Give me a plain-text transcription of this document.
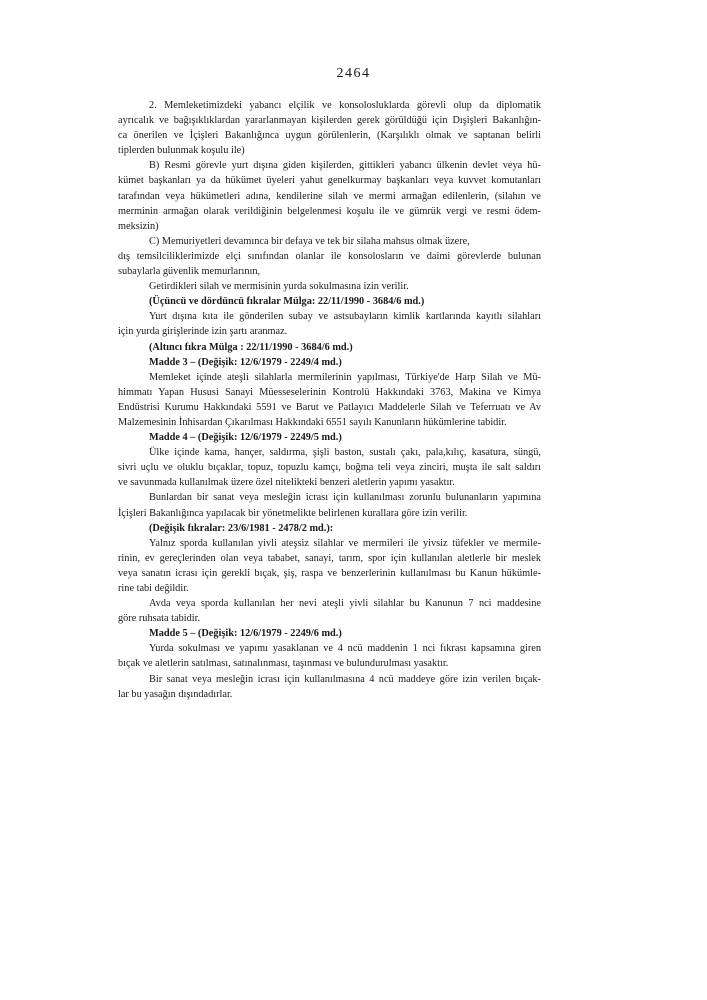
2464
2. Memleketimizdeki yabancı elçilik ve konsolosluklarda görevli olup da diplomatik
ayrıcalık ve bağışıklıklardan yararlanmayan kişilerden gerek görüldüğü için Dışişleri Bakanlığın-
ca önerilen ve İçişleri Bakanlığınca uygun görülenlerin, (Karşılıklı olmak ve saptanan belirli
tiplerden bulunmak koşulu ile)
B) Resmi görevle yurt dışına giden kişilerden, gittikleri yabancı ülkenin devlet veya hü-
kümet başkanları ya da hükümet üyeleri yahut genelkurmay başkanları veya kuvvet komutanları
tarafından veya hükümetleri adına, kendilerine silah ve mermi armağan edilenlerin, (silahın ve
merminin armağan olarak verildiğinin belgelenmesi koşulu ile ve gümrük vergi ve resmi ödem-
meksizin)
C) Memuriyetleri devamınca bir defaya ve tek bir silaha mahsus olmak üzere,
dış temsilciliklerimizde elçi sınıfından olanlar ile konsolosların ve daimi görevlerde bulunan
subaylarla güvenlik memurlarının,
Getirdikleri silah ve mermisinin yurda sokulmasına izin verilir.
(Üçüncü ve dördüncü fıkralar Mülga: 22/11/1990 - 3684/6 md.)
Yurt dışına kıta ile gönderilen subay ve astsubayların kimlik kartlarında kayıtlı silahları
için yurda girişlerinde izin şartı aranmaz.
(Altıncı fıkra Mülga : 22/11/1990 - 3684/6 md.)
Madde 3 – (Değişik: 12/6/1979 - 2249/4 md.)
Memleket içinde ateşli silahlarla mermilerinin yapılması, Türkiye'de Harp Silah ve Mü-
himmatı Yapan Hususi Sanayi Müesseselerinin Kontrolü Hakkındaki 3763, Makina ve Kimya
Endüstrisi Kurumu Hakkındaki 5591 ve Barut ve Patlayıcı Maddelerle Silah ve Teferruatı ve Av
Malzemesinin İnhisardan Çıkarılması Hakkındaki 6551 sayılı Kanunların hükümlerine tabidir.
Madde 4 – (Değişik: 12/6/1979 - 2249/5 md.)
Ülke içinde kama, hançer, saldırma, şişli baston, sustalı çakı, pala,kılıç, kasatura, süngü,
sivri uçlu ve oluklu bıçaklar, topuz, topuzlu kamçı, boğma teli veya zinciri, muşta ile salt saldırı
ve savunmada kullanılmak üzere özel nitelikteki benzeri aletlerin yapımı yasaktır.
Bunlardan bir sanat veya mesleğin icrası için kullanılması zorunlu bulunanların yapımına
İçişleri Bakanlığınca yapılacak bir yönetmelikte belirlenen kurallara göre izin verilir.
(Değişik fıkralar: 23/6/1981 - 2478/2 md.):
Yalnız sporda kullanılan yivli ateşsiz silahlar ve mermileri ile yivsiz tüfekler ve mermile-
rinin, ev gereçlerinden olan veya tababet, sanayi, tarım, spor için kullanılan aletlerle bir meslek
veya sanatın icrası için gerekli bıçak, şiş, raspa ve benzerlerinin kullanılması bu Kanun hükümle-
rine tabi değildir.
Avda veya sporda kullanılan her nevi ateşli yivli silahlar bu Kanunun 7 nci maddesine
göre ruhsata tabidir.
Madde 5 – (Değişik: 12/6/1979 - 2249/6 md.)
Yurda sokulması ve yapımı yasaklanan ve 4 ncü maddenin 1 nci fıkrası kapsamına giren
bıçak ve aletlerin satılması, satınalınması, taşınması ve bulundurulması yasaktır.
Bir sanat veya mesleğin icrası için kullanılmasına 4 ncü maddeye göre izin verilen bıçak-
lar bu yasağın dışındadırlar.
